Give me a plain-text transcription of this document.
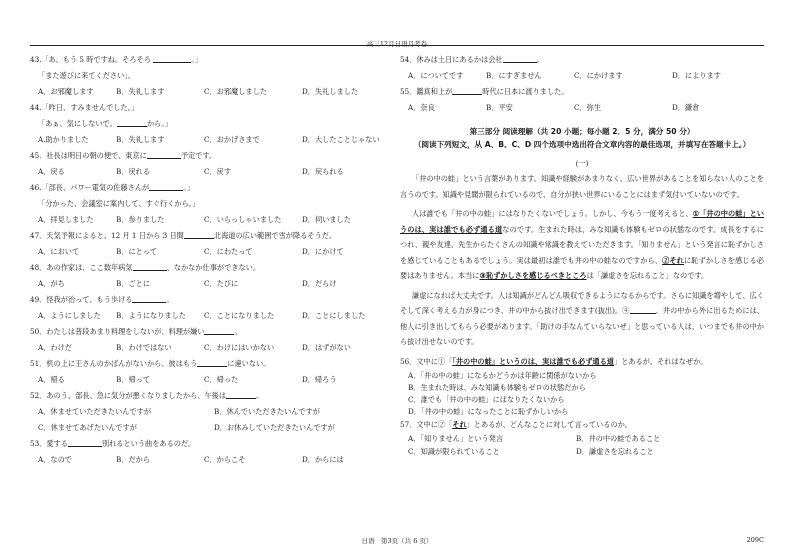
高三12月日语月考卷
43.「あ、もう 5 時ですね。そろそろ	。」
「また遊びに来てください」。
A．お邪魔します	B．失礼します	C．お邪魔しました	D．失礼しました
44.「昨日、すみませんでした。」
「あぁ、気にしないで。	から。」
A.助かりました	B．失礼します	C．おかげさまで	D．大したことじゃない
45．社長は明日の朝の便で、東京に	予定です。
A．戻る	B．戻れる	C．戻す	D．戻られる
46.「部長、パワー電気の佐藤さんが	。」
「分かった、会議室に案内して、すぐ行くから。」
A．拝見しました	B．参りました	C．いらっしゃいました	D．伺いました
47．天気予報によると、12 月 1 日から 3 日間	北海道の広い範囲で雪が降るそうだ。
A．において	B．にとって	C．にわたって	D．にかけて
48．あの作家は、ここ数年病気	、なかなか仕事ができない。
A．がち	B．ごとに	C．たびに	D．だらけ
49．怪我が治って、もう歩ける	。
A．ようにしました	B．ようになりました	C．ことになりました	D．ことにしました
50．わたしは普段あまり料理をしないが、料理が嫌い	。
A．わけだ	B．わけではない	C．わけにはいかない	D．はずがない
51．机の上に王さんのかばんがないから、彼はもう	に違いない。
A．帰る	B．帰って	C．帰った	D．帰ろう
52．あのう、部長、急に気分が悪くなりましたから、午後は	。
A．休ませていただきたいんですが	B．休んでいただきたいんですが
C．休ませてあげたいんですが	D．お休みしていただきたいんですが
53．愛する	別れるという曲をあるのだ。
A．なので	B．だから	C．からこそ	D．からには
54．休みは土日にあるかは会社	。
A．についてです	B．にすぎません	C．にかけます	D．によります
55．鑑真和上が	時代に日本に渡りました。
A．奈良	B．平安	C．弥生	D．鎌倉
第三部分 阅读理解（共 20 小题；每小题 2．5 分，满分 50 分）
（阅读下列短文，从 A、B、C、D 四个选项中选出符合文章内容的最佳选项，并填写在答题卡上。）
(一)

「井の中の蛙」という言葉があります。知識や経験があまりなく、広い世界があることを知らない人のことを言うのです。知識や見聞が限られているので、自分が狭い世界にいることにはまず気付いていないのです。

人は誰でも「井の中の蛙」にはなりたくないでしょう。しかし、今もう一度考えると、①「井の中の蛙」というのは、実は誰でも必ず通る道なのです。生まれた時は、みな知識も体験もゼロの状態なのです。成長をするにつれ、親や友達、先生からたくさんの知識や常識を教えていただきます。「知りません」という発言に恥ずかしさを感じていることもあるでしょう。実は最初は誰でも井の中の蛙なのですから、②それに恥ずかしさを感じる必要はありません。本当に③恥ずかしさを感じるべきところは「謙虚さを忘れること」なのです。

謙虚になれば大丈夫です。人は知識がどんどん吸収できるようになるからです。さらに知識を増やして、広くそして深く考える力が身につき、井の中から抜け出できます(抜出)。④	、井の中から外に出るためには、他人に引き出してもらう必要があります。「助けの手なんていらないぜ」と思っている人は、いつまでも井の中から抜け出せないのです。

56．文中に①「「井の中の蛙」というのは、実は誰でも必ず通る道」とあるが、それはなぜか。
A．「井の中の蛙」になるかどうかは年齢に関係がないから
B．生まれた時は、みな知識も体験もゼロの状態だから
C．誰でも「井の中の蛙」にはなりたくないから
D．「井の中の蛙」になったことに恥ずかしいから
57．文中に②「それ」とあるが、どんなことに対して言っているのか。
A．「知りません」という発言	B．井の中の蛙であること
C．知識が限られていること	D．謙虚さを忘れること
日语　第3页（共 6 页）	209C
